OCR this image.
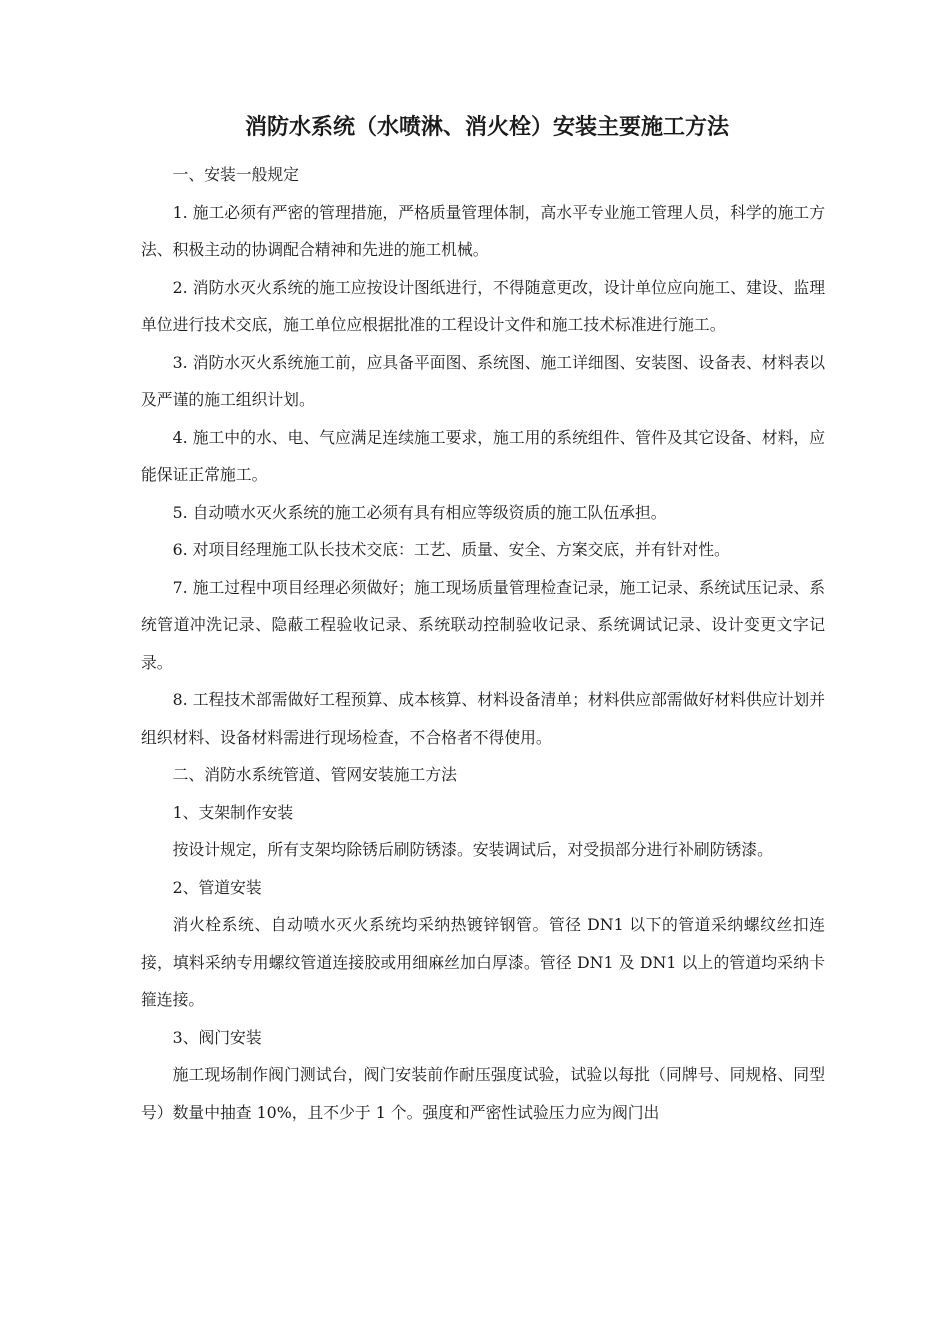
消防水系统（水喷淋、消火栓）安装主要施工方法

一、安装一般规定

1. 施工必须有严密的管理措施，严格质量管理体制，高水平专业施工管理人员，科学的施工方法、积极主动的协调配合精神和先进的施工机械。

2. 消防水灭火系统的施工应按设计图纸进行，不得随意更改，设计单位应向施工、建设、监理单位进行技术交底，施工单位应根据批准的工程设计文件和施工技术标准进行施工。

3. 消防水灭火系统施工前，应具备平面图、系统图、施工详细图、安装图、设备表、材料表以及严谨的施工组织计划。

4. 施工中的水、电、气应满足连续施工要求，施工用的系统组件、管件及其它设备、材料，应能保证正常施工。

5. 自动喷水灭火系统的施工必须有具有相应等级资质的施工队伍承担。

6. 对项目经理施工队长技术交底：工艺、质量、安全、方案交底，并有针对性。

7. 施工过程中项目经理必须做好；施工现场质量管理检查记录，施工记录、系统试压记录、系统管道冲洗记录、隐蔽工程验收记录、系统联动控制验收记录、系统调试记录、设计变更文字记录。

8. 工程技术部需做好工程预算、成本核算、材料设备清单；材料供应部需做好材料供应计划并组织材料、设备材料需进行现场检查，不合格者不得使用。

二、消防水系统管道、管网安装施工方法

1、支架制作安装

按设计规定，所有支架均除锈后刷防锈漆。安装调试后，对受损部分进行补刷防锈漆。

2、管道安装

消火栓系统、自动喷水灭火系统均采纳热镀锌钢管。管径 DN1 以下的管道采纳螺纹丝扣连接，填料采纳专用螺纹管道连接胶或用细麻丝加白厚漆。管径 DN1 及 DN1 以上的管道均采纳卡箍连接。

3、阀门安装

施工现场制作阀门测试台，阀门安装前作耐压强度试验，试验以每批（同牌号、同规格、同型号）数量中抽查 10%，且不少于 1 个。强度和严密性试验压力应为阀门出
